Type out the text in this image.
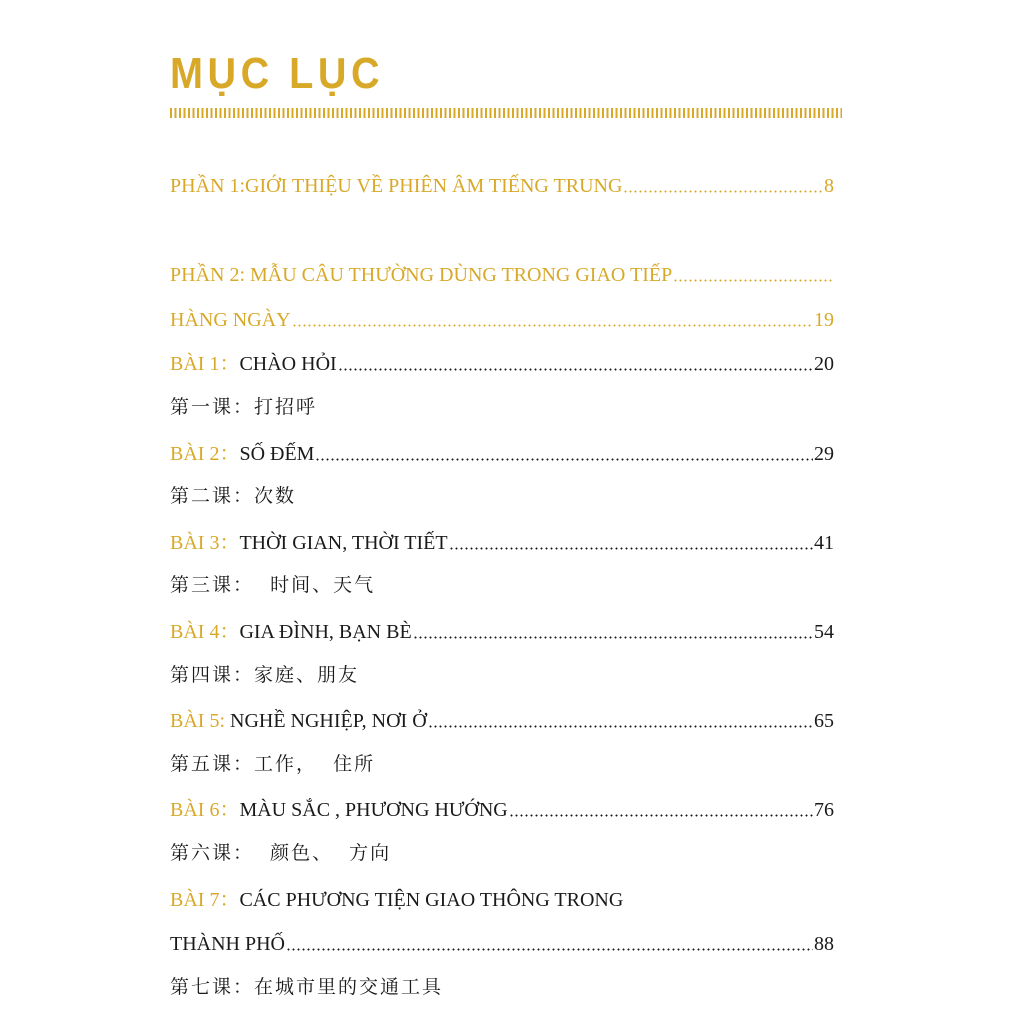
MỤC LỤC
PHẦN 1:GIỚI THIỆU VỀ PHIÊN ÂM TIẾNG TRUNG	8
PHẦN 2: MẪU CÂU THƯỜNG DÙNG TRONG GIAO TIẾP
HÀNG NGÀY	19
BÀI 1： CHÀO HỎI	20
第一课：打招呼
BÀI 2： SỐ ĐẾM	29
第二课：次数
BÀI 3： THỜI GIAN, THỜI TIẾT	41
第三课：  时间、天气
BÀI 4： GIA ĐÌNH, BẠN BÈ	54
第四课：家庭、朋友
BÀI 5: NGHỀ NGHIỆP, NƠI Ở	65
第五课：工作，  住所
BÀI 6： MÀU SẮC , PHƯƠNG HƯỚNG	76
第六课：  颜色、  方向
BÀI 7： CÁC PHƯƠNG TIỆN GIAO THÔNG TRONG
THÀNH PHỐ	88
第七课：在城市里的交通工具
